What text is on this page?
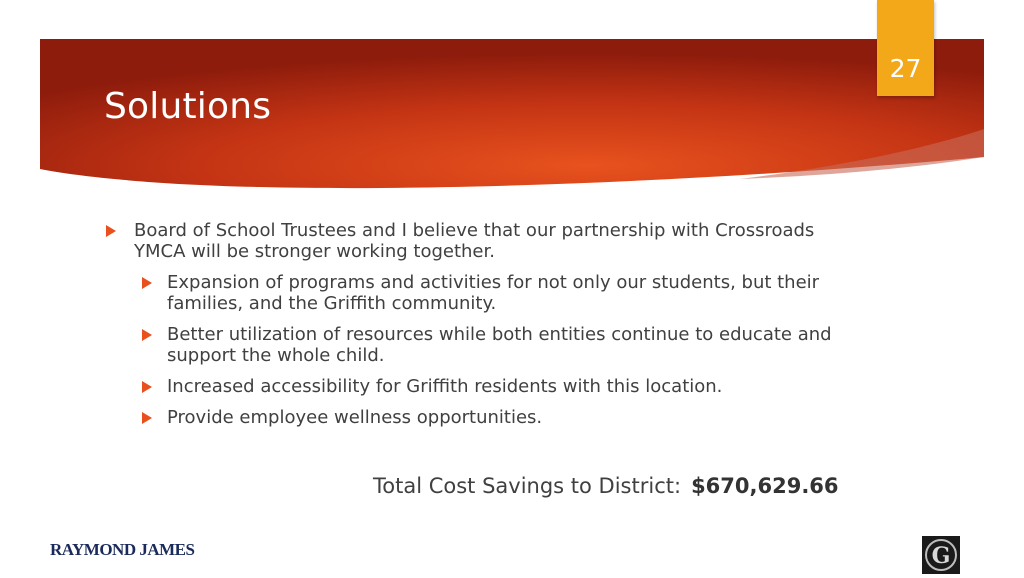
Solutions
27
Board of School Trustees and I believe that our partnership with Crossroads YMCA will be stronger working together.
Expansion of programs and activities for not only our students, but their families, and the Griffith community.
Better utilization of resources while both entities continue to educate and support the whole child.
Increased accessibility for Griffith residents with this location.
Provide employee wellness opportunities.
Total Cost Savings to District: $670,629.66
RAYMOND JAMES	G
